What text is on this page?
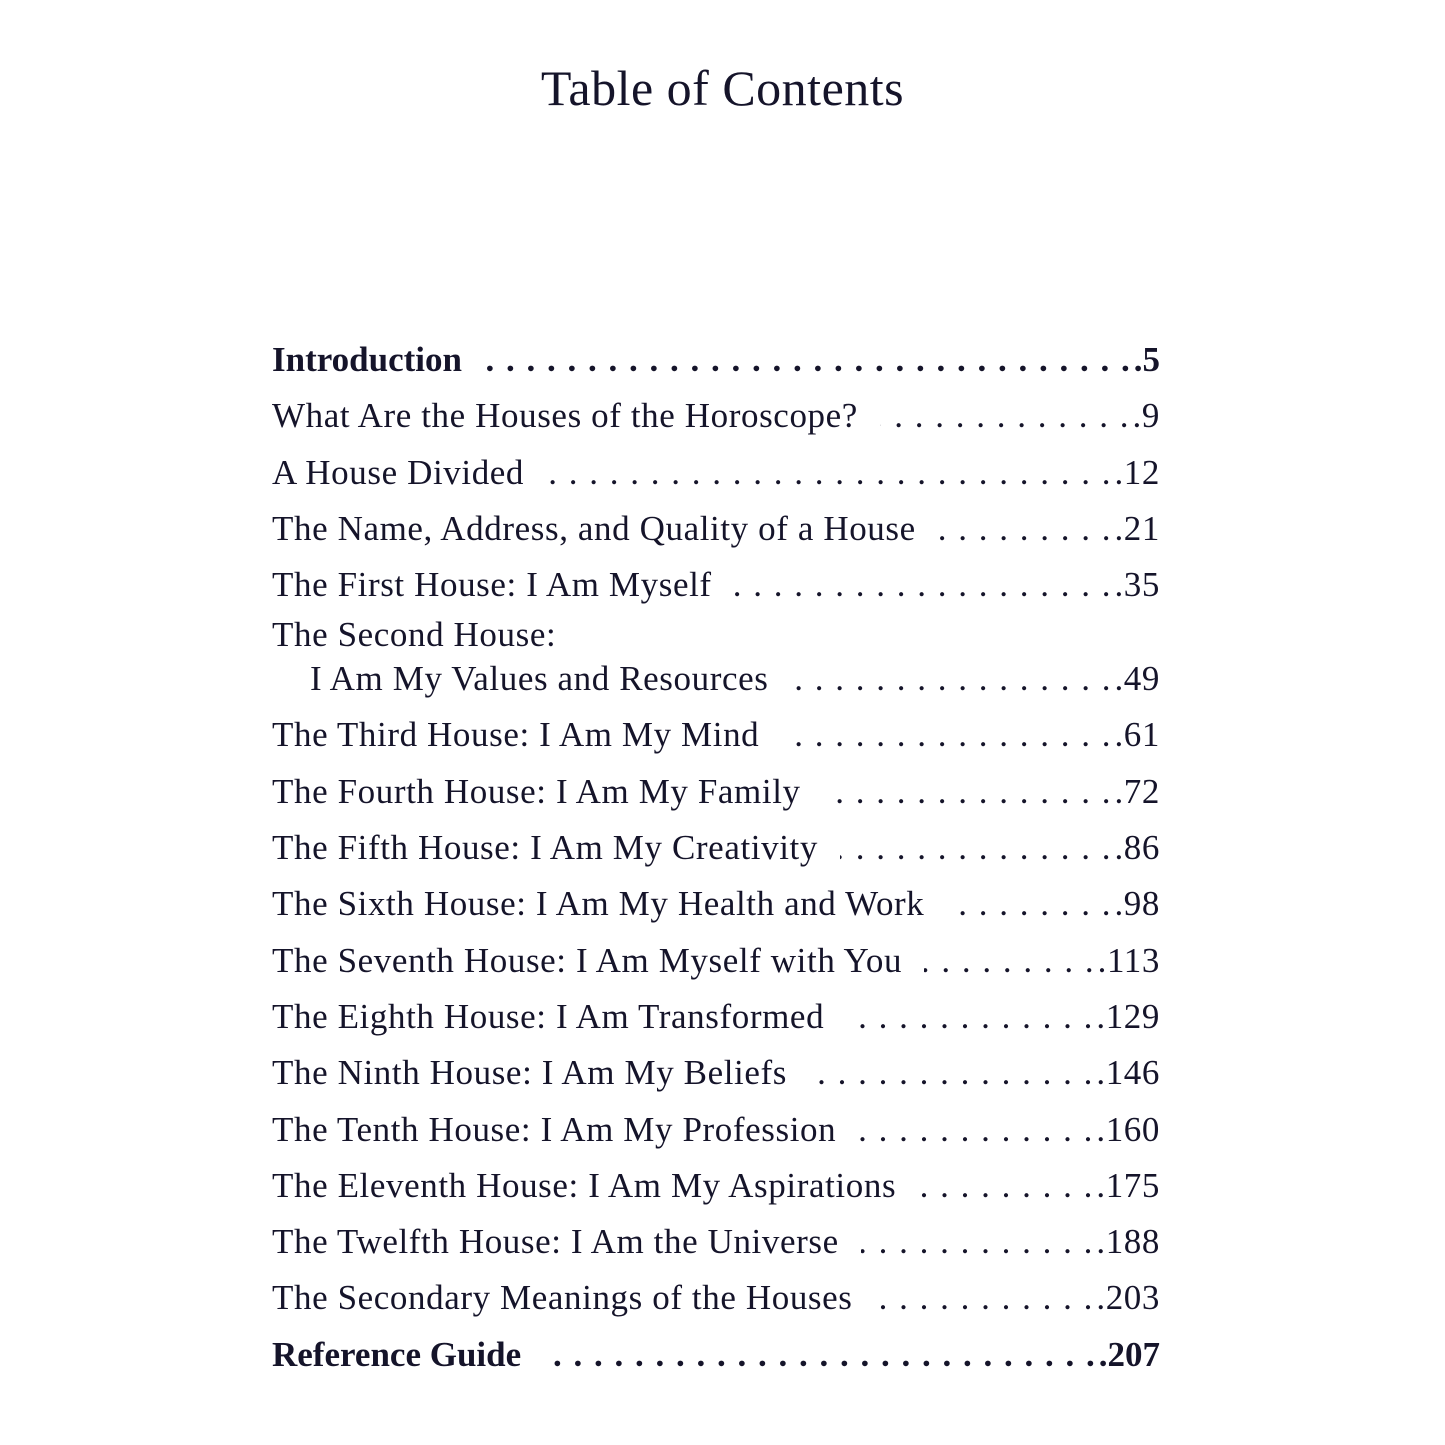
Table of Contents
Introduction . . .	.5
What Are the Houses of the Horoscope? . . .	.9
A House Divided . . .	.12
The Name, Address, and Quality of a House . . .	.21
The First House: I Am Myself . . .	.35
The Second House:
I Am My Values and Resources . . .	.49
The Third House: I Am My Mind . . .	.61
The Fourth House: I Am My Family . . .	.72
The Fifth House: I Am My Creativity . . .	.86
The Sixth House: I Am My Health and Work . . .	.98
The Seventh House: I Am Myself with You . . .	.113
The Eighth House: I Am Transformed . . .	.129
The Ninth House: I Am My Beliefs . . .	.146
The Tenth House: I Am My Profession . . .	.160
The Eleventh House: I Am My Aspirations . . .	.175
The Twelfth House: I Am the Universe . . .	.188
The Secondary Meanings of the Houses . . .	.203
Reference Guide . . .	.207
